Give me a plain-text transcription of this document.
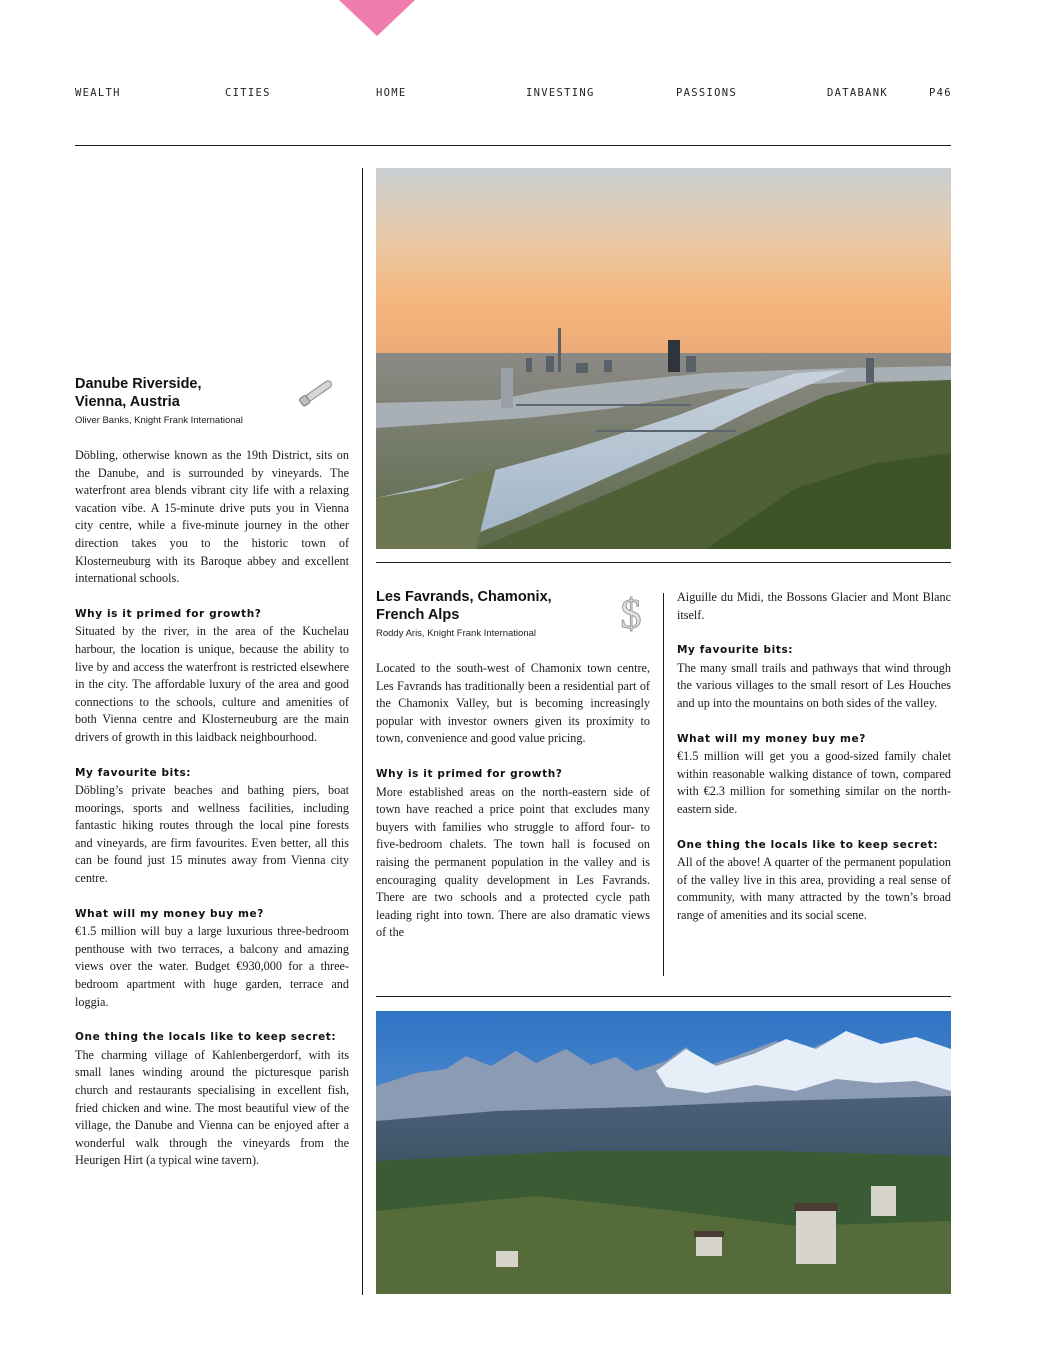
WEALTH	CITIES	HOME	INVESTING	PASSIONS	DATABANK	P46
Danube Riverside,
Vienna, Austria
Oliver Banks, Knight Frank International
Döbling, otherwise known as the 19th District, sits on the Danube, and is surrounded by vineyards. The waterfront area blends vibrant city life with a relaxing vacation vibe. A 15-minute drive puts you in Vienna city centre, while a five-minute journey in the other direction takes you to the historic town of Klosterneuburg with its Baroque abbey and excellent international schools.
Why is it primed for growth?
Situated by the river, in the area of the Kuchelau harbour, the location is unique, because the ability to live by and access the waterfront is restricted elsewhere in the city. The affordable luxury of the area and good connections to the schools, culture and amenities of both Vienna centre and Klosterneuburg are the main drivers of growth in this laidback neighbourhood.
My favourite bits:
Döbling’s private beaches and bathing piers, boat moorings, sports and wellness facilities, including fantastic hiking routes through the local pine forests and vineyards, are firm favourites. Even better, all this can be found just 15 minutes away from Vienna city centre.
What will my money buy me?
€1.5 million will buy a large luxurious three-bedroom penthouse with two terraces, a balcony and amazing views over the water. Budget €930,000 for a three-bedroom apartment with huge garden, terrace and loggia.
One thing the locals like to keep secret:
The charming village of Kahlenbergerdorf, with its small lanes winding around the picturesque parish church and restaurants specialising in excellent fish, fried chicken and wine. The most beautiful view of the village, the Danube and Vienna can be enjoyed after a wonderful walk through the vineyards from the Heurigen Hirt (a typical wine tavern).
$
Les Favrands, Chamonix,
French Alps
Roddy Aris, Knight Frank International
Located to the south-west of Chamonix town centre, Les Favrands has traditionally been a residential part of the Chamonix Valley, but is becoming increasingly popular with investor owners given its proximity to town, convenience and good value pricing.
Why is it primed for growth?
More established areas on the north-eastern side of town have reached a price point that excludes many buyers with families who struggle to afford four- to five-bedroom chalets. The town hall is focused on raising the permanent population in the valley and is encouraging quality development in Les Favrands. There are two schools and a protected cycle path leading right into town. There are also dramatic views of the
Aiguille du Midi, the Bossons Glacier and Mont Blanc itself.
My favourite bits:
The many small trails and pathways that wind through the various villages to the small resort of Les Houches and up into the mountains on both sides of the valley.
What will my money buy me?
€1.5 million will get you a good-sized family chalet within reasonable walking distance of town, compared with €2.3 million for something similar on the north-eastern side.
One thing the locals like to keep secret:
All of the above! A quarter of the permanent population of the valley live in this area, providing a real sense of community, with many attracted by the town’s broad range of amenities and its social scene.
